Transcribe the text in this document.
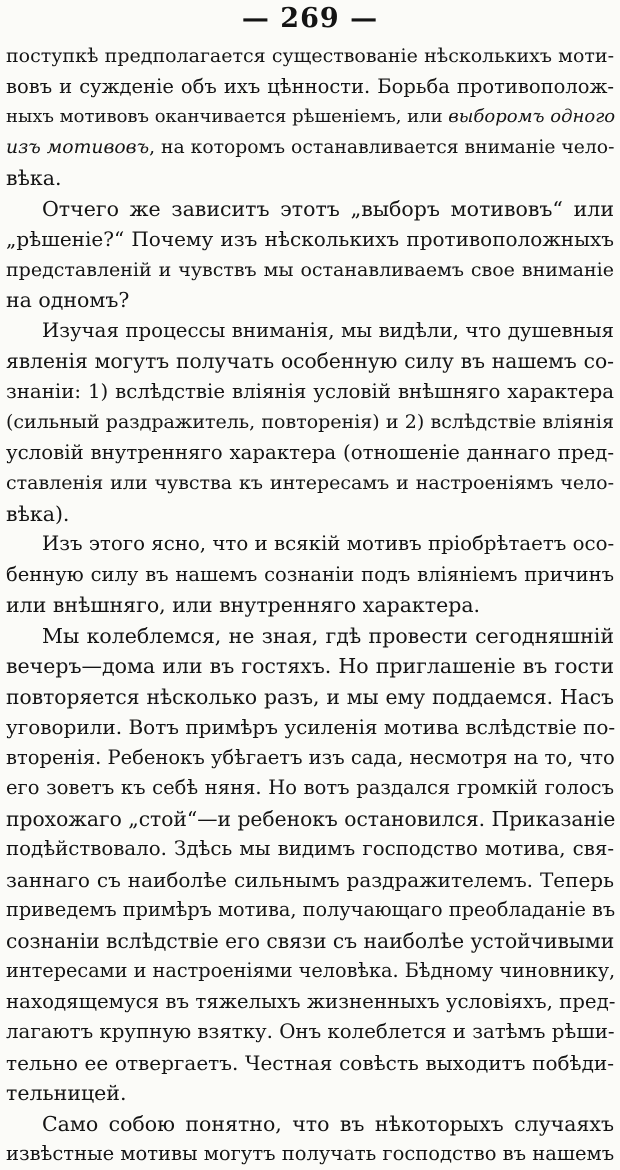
— 269 —
поступкѣ предполагается существованіе нѣсколькихъ моти-
вовъ и сужденіе объ ихъ цѣнности. Борьба противополож-
ныхъ мотивовъ оканчивается рѣшеніемъ, или выборомъ одного
изъ мотивовъ, на которомъ останавливается вниманіе чело-
вѣка.
Отчего же зависитъ этотъ „выборъ мотивовъ“ или
„рѣшеніе?“ Почему изъ нѣсколькихъ противоположныхъ
представленій и чувствъ мы останавливаемъ свое вниманіе
на одномъ?
Изучая процессы вниманія, мы видѣли, что душевныя
явленія могутъ получать особенную силу въ нашемъ со-
знаніи: 1) вслѣдствіе вліянія условій внѣшняго характера
(сильный раздражитель, повторенія) и 2) вслѣдствіе вліянія
условій внутренняго характера (отношеніе даннаго пред-
ставленія или чувства къ интересамъ и настроеніямъ чело-
вѣка).
Изъ этого ясно, что и всякій мотивъ пріобрѣтаетъ осо-
бенную силу въ нашемъ сознаніи подъ вліяніемъ причинъ
или внѣшняго, или внутренняго характера.
Мы колеблемся, не зная, гдѣ провести сегодняшній
вечеръ—дома или въ гостяхъ. Но приглашеніе въ гости
повторяется нѣсколько разъ, и мы ему поддаемся. Насъ
уговорили. Вотъ примѣръ усиленія мотива вслѣдствіе по-
вторенія. Ребенокъ убѣгаетъ изъ сада, несмотря на то, что
его зоветъ къ себѣ няня. Но вотъ раздался громкій голосъ
прохожаго „стой“—и ребенокъ остановился. Приказаніе
подѣйствовало. Здѣсь мы видимъ господство мотива, свя-
заннаго съ наиболѣе сильнымъ раздражителемъ. Теперь
приведемъ примѣръ мотива, получающаго преобладаніе въ
сознаніи вслѣдствіе его связи съ наиболѣе устойчивыми
интересами и настроеніями человѣка. Бѣдному чиновнику,
находящемуся въ тяжелыхъ жизненныхъ условіяхъ, пред-
лагаютъ крупную взятку. Онъ колеблется и затѣмъ рѣши-
тельно ее отвергаетъ. Честная совѣсть выходитъ побѣди-
тельницей.
Само собою понятно, что въ нѣкоторыхъ случаяхъ
извѣстные мотивы могутъ получать господство въ нашемъ
